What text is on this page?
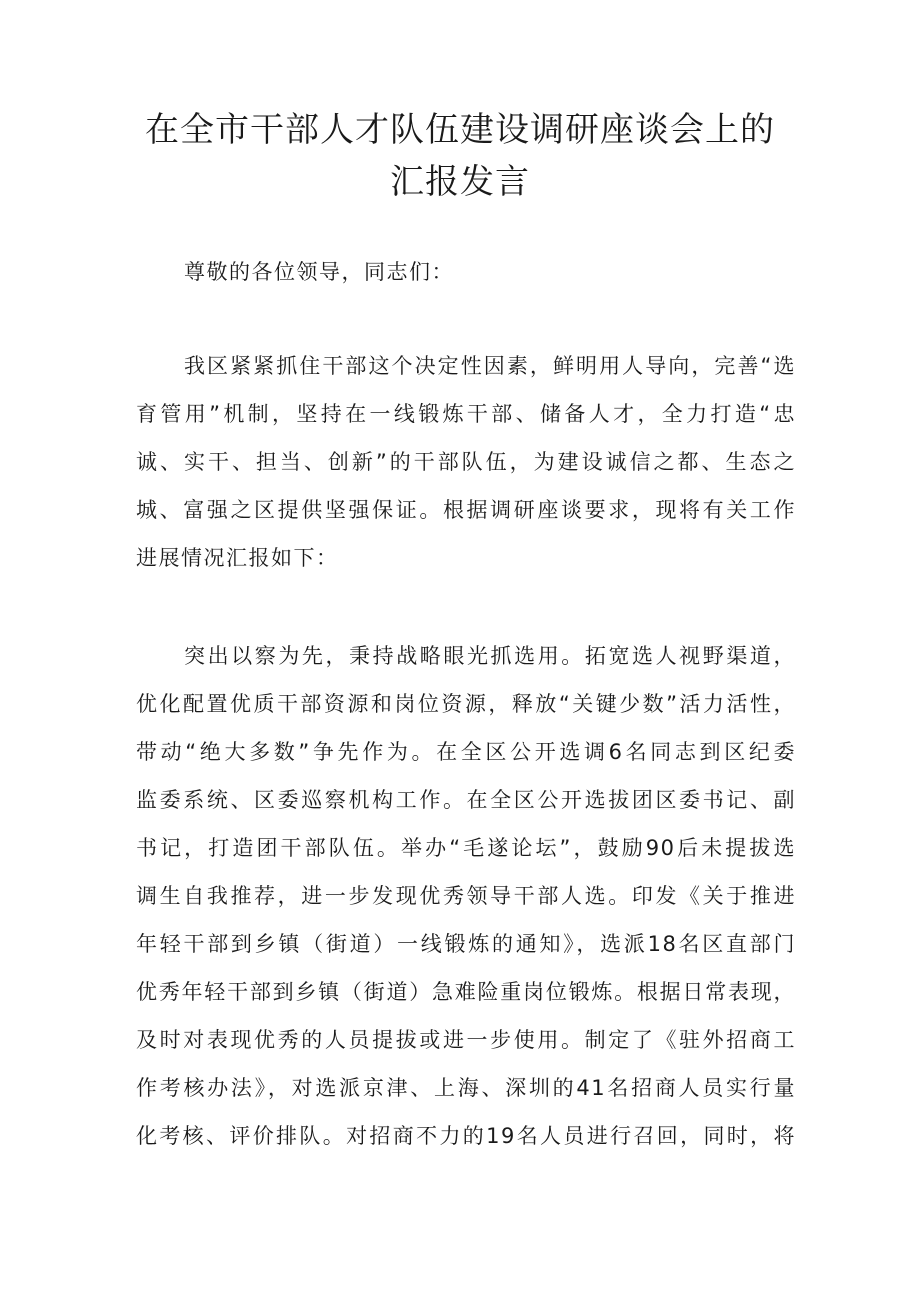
在全市干部人才队伍建设调研座谈会上的
汇报发言

尊敬的各位领导，同志们：

我区紧紧抓住干部这个决定性因素，鲜明用人导向，完善“选
育管用”机制，坚持在一线锻炼干部、储备人才，全力打造“忠
诚、实干、担当、创新”的干部队伍，为建设诚信之都、生态之
城、富强之区提供坚强保证。根据调研座谈要求，现将有关工作
进展情况汇报如下：
突出以察为先，秉持战略眼光抓选用。拓宽选人视野渠道，
优化配置优质干部资源和岗位资源，释放“关键少数”活力活性，
带动“绝大多数”争先作为。在全区公开选调6名同志到区纪委
监委系统、区委巡察机构工作。在全区公开选拔团区委书记、副
书记，打造团干部队伍。举办“毛遂论坛”，鼓励90后未提拔选
调生自我推荐，进一步发现优秀领导干部人选。印发《关于推进
年轻干部到乡镇（街道）一线锻炼的通知》，选派18名区直部门
优秀年轻干部到乡镇（街道）急难险重岗位锻炼。根据日常表现，
及时对表现优秀的人员提拔或进一步使用。制定了《驻外招商工
作考核办法》，对选派京津、上海、深圳的41名招商人员实行量
化考核、评价排队。对招商不力的19名人员进行召回，同时，将
